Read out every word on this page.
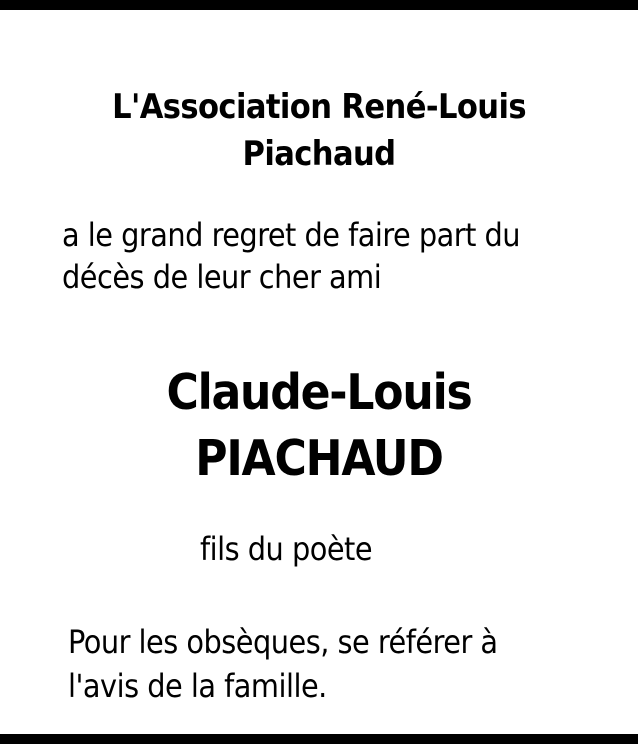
L'Association René-Louis
Piachaud

a le grand regret de faire part du
décès de leur cher ami

Claude-Louis
PIACHAUD

fils du poète

Pour les obsèques, se référer à
l'avis de la famille.
